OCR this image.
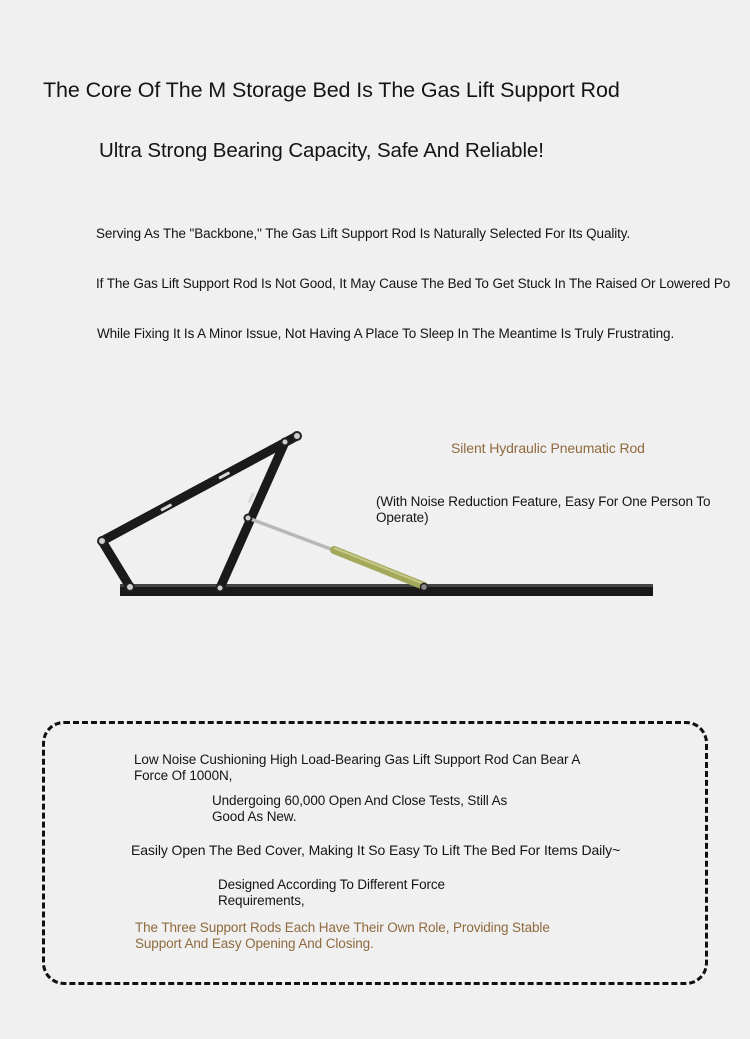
The Core Of The M Storage Bed Is The Gas Lift Support Rod
Ultra Strong Bearing Capacity, Safe And Reliable!
Serving As The "Backbone," The Gas Lift Support Rod Is Naturally Selected For Its Quality.
If The Gas Lift Support Rod Is Not Good, It May Cause The Bed To Get Stuck In The Raised Or Lowered Po
While Fixing It Is A Minor Issue, Not Having A Place To Sleep In The Meantime Is Truly Frustrating.
Silent Hydraulic Pneumatic Rod
(With Noise Reduction Feature, Easy For One Person To Operate)
Low Noise Cushioning High Load-Bearing Gas Lift Support Rod Can Bear A Force Of 1000N,
Undergoing 60,000 Open And Close Tests, Still As Good As New.
Easily Open The Bed Cover, Making It So Easy To Lift The Bed For Items Daily~
Designed According To Different Force Requirements,
The Three Support Rods Each Have Their Own Role, Providing Stable Support And Easy Opening And Closing.
